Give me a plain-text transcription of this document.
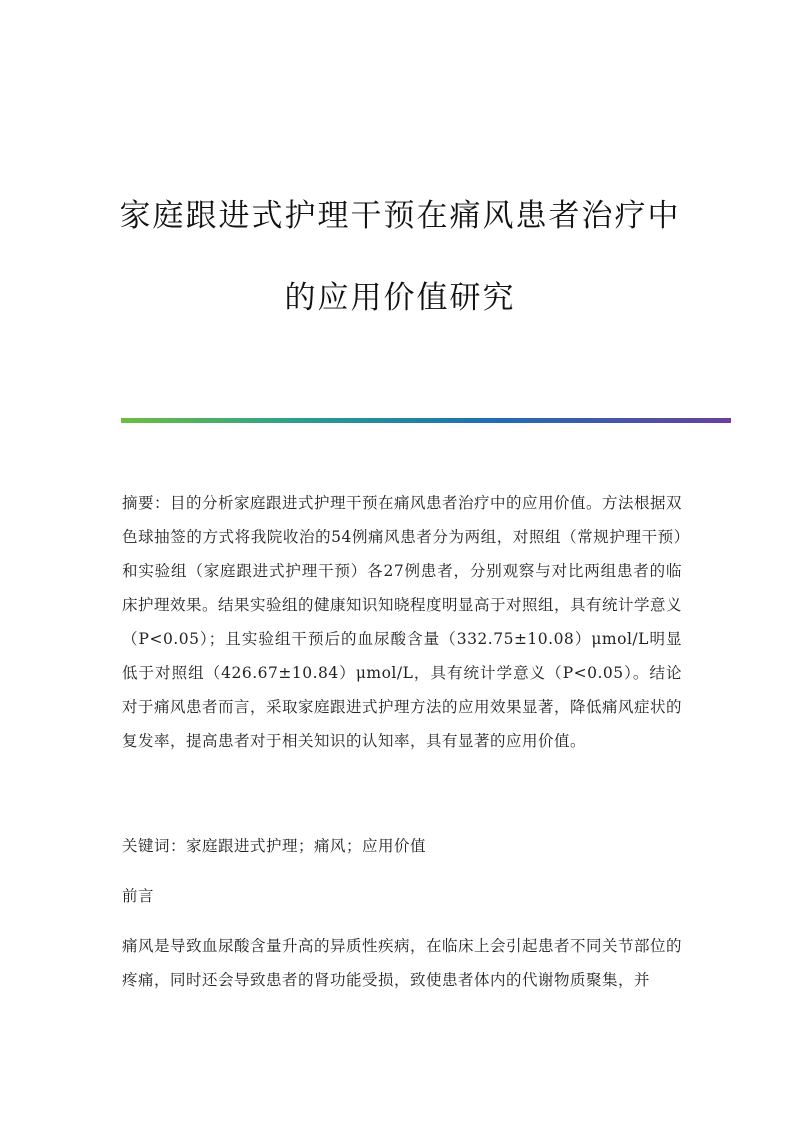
家庭跟进式护理干预在痛风患者治疗中
的应用价值研究

摘要：目的分析家庭跟进式护理干预在痛风患者治疗中的应用价值。方法根据双色球抽签的方式将我院收治的54例痛风患者分为两组，对照组（常规护理干预）和实验组（家庭跟进式护理干预）各27例患者，分别观察与对比两组患者的临床护理效果。结果实验组的健康知识知晓程度明显高于对照组，具有统计学意义（P<0.05）；且实验组干预后的血尿酸含量（332.75±10.08）μmol/L明显低于对照组（426.67±10.84）μmol/L，具有统计学意义（P<0.05）。结论对于痛风患者而言，采取家庭跟进式护理方法的应用效果显著，降低痛风症状的复发率，提高患者对于相关知识的认知率，具有显著的应用价值。

关键词：家庭跟进式护理；痛风；应用价值

前言

痛风是导致血尿酸含量升高的异质性疾病，在临床上会引起患者不同关节部位的疼痛，同时还会导致患者的肾功能受损，致使患者体内的代谢物质聚集，并
